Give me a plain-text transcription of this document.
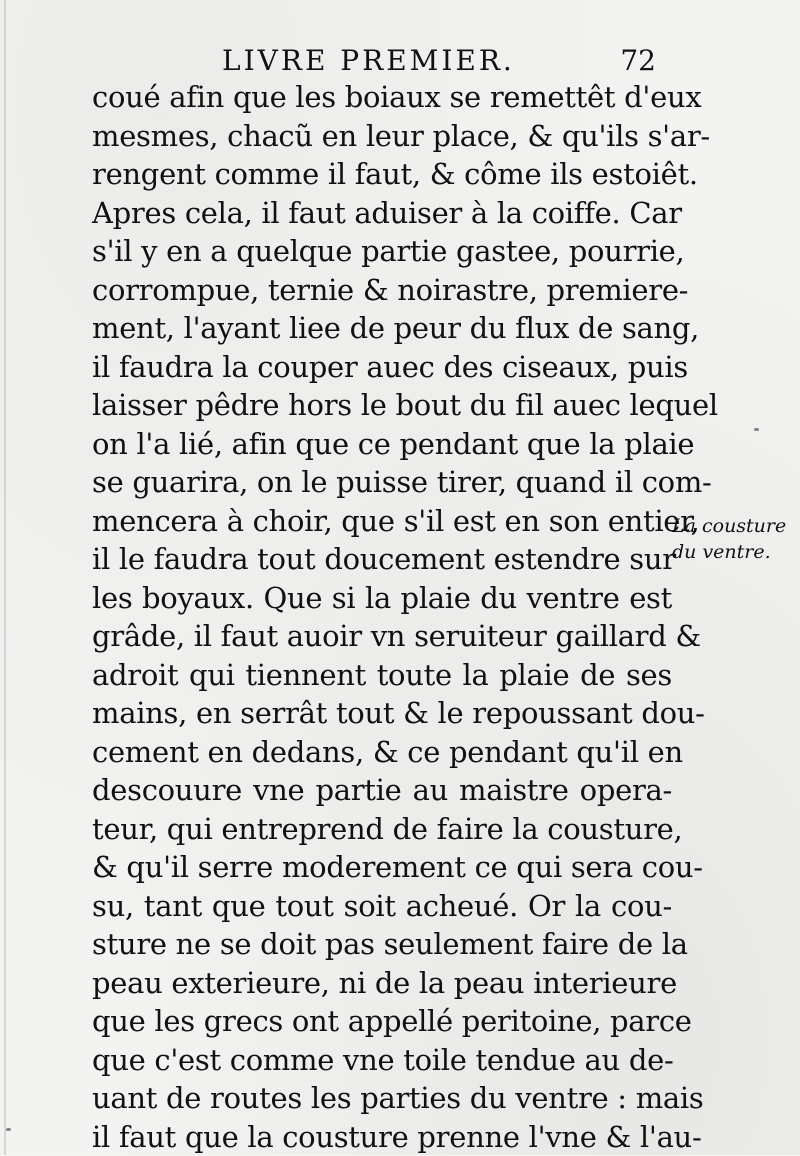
LIVRE PREMIER.	72
coué afin que les boiaux se remettêt d'eux
mesmes, chacũ en leur place, & qu'ils s'ar-
rengent comme il faut, & côme ils estoiêt.
Apres cela, il faut aduiser à la coiffe. Car
s'il y en a quelque partie gastee, pourrie,
corrompue, ternie & noirastre, premiere-
ment, l'ayant liee de peur du flux de sang,
il faudra la couper auec des ciseaux, puis
laisser pêdre hors le bout du fil auec lequel
on l'a lié, afin que ce pendant que la plaie
se guarira, on le puisse tirer, quand il com-
mencera à choir, que s'il est en son entier,
il le faudra tout doucement estendre sur
les boyaux. Que si la plaie du ventre est
grâde, il faut auoir vn seruiteur gaillard &
adroit qui tiennent toute la plaie de ses
mains, en serrât tout & le repoussant dou-
cement en dedans, & ce pendant qu'il en
descouure vne partie au maistre opera-
teur, qui entreprend de faire la cousture,
& qu'il serre moderement ce qui sera cou-
su, tant que tout soit acheué. Or la cou-
sture ne se doit pas seulement faire de la
peau exterieure, ni de la peau interieure
que les grecs ont appellé peritoine, parce
que c'est comme vne toile tendue au de-
uant de routes les parties du ventre : mais
il faut que la cousture prenne l'vne & l'au-
La cousture
du ventre.
